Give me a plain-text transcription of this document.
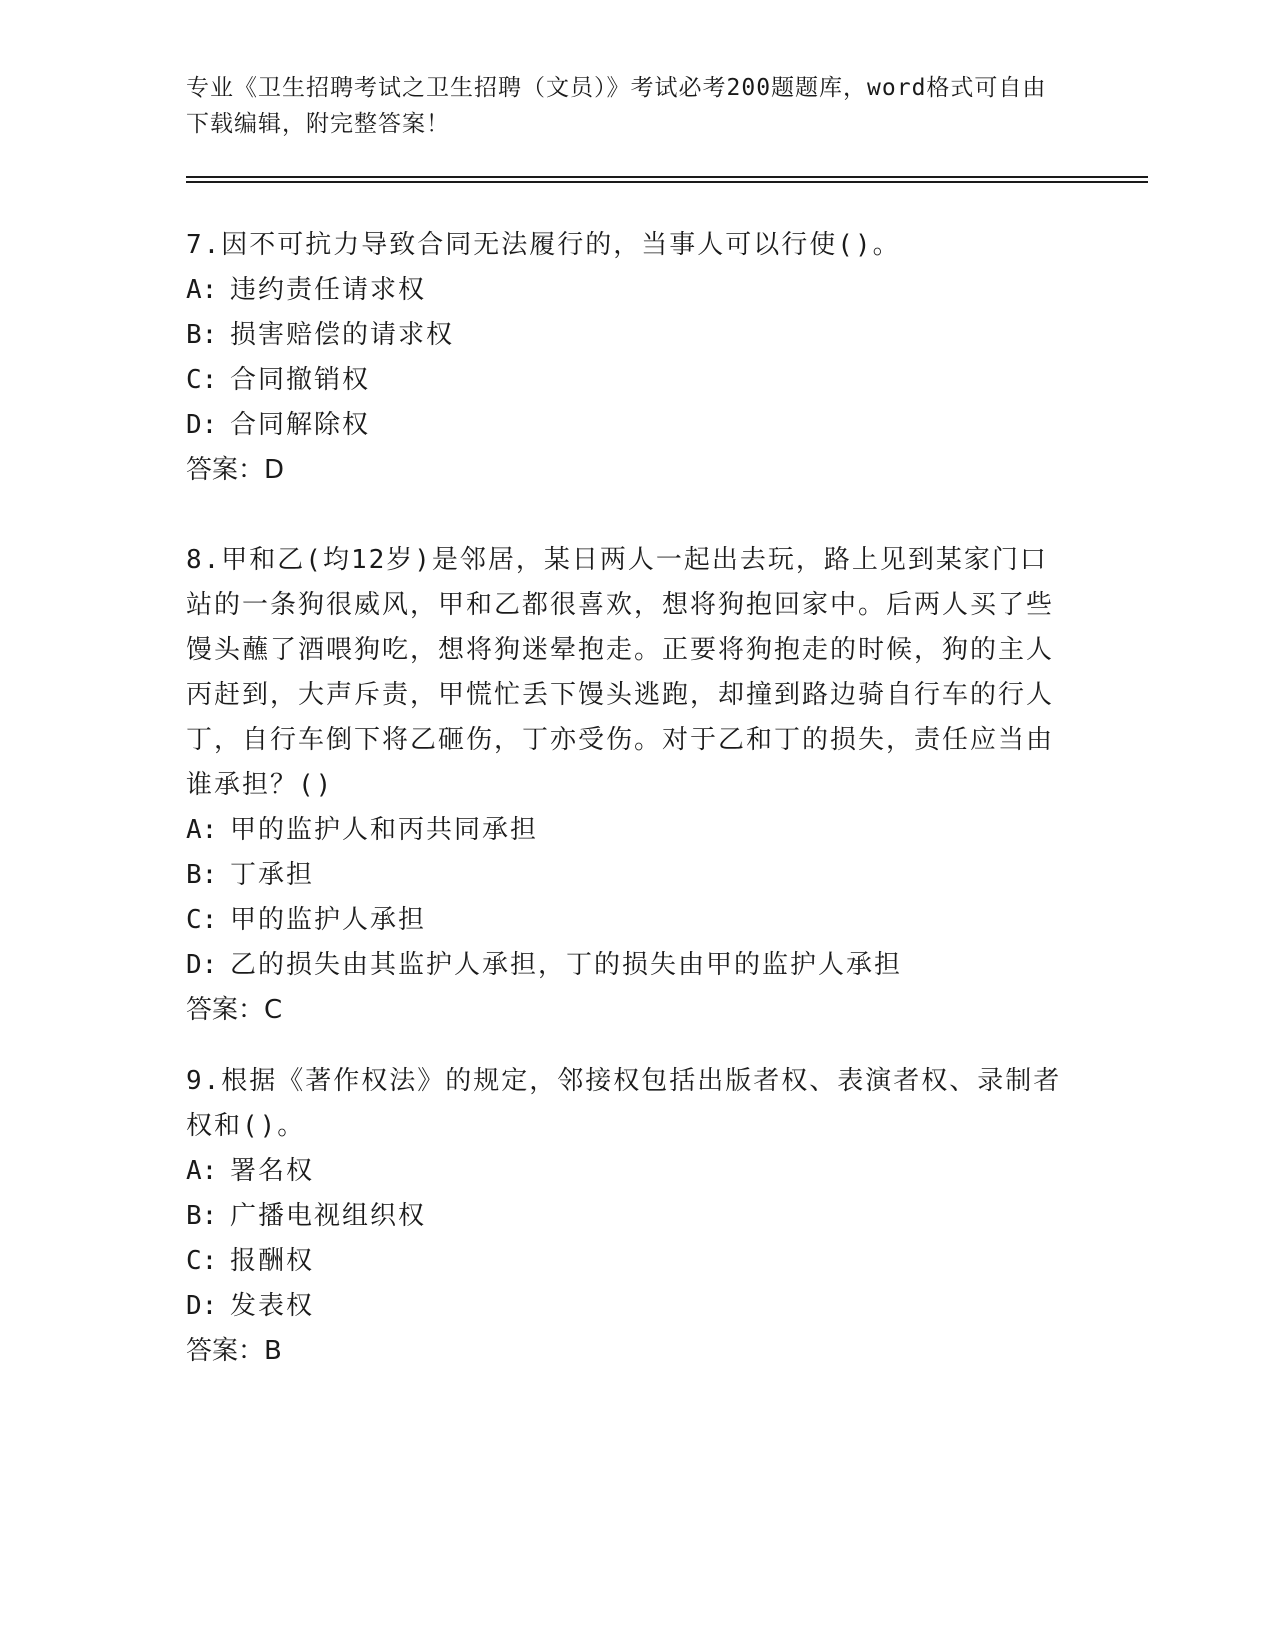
专业《卫生招聘考试之卫生招聘（文员）》考试必考200题题库，word格式可自由下载编辑，附完整答案！

7.因不可抗力导致合同无法履行的，当事人可以行使()。

A: 违约责任请求权

B: 损害赔偿的请求权

C: 合同撤销权

D: 合同解除权

答案：D

8.甲和乙(均12岁)是邻居，某日两人一起出去玩，路上见到某家门口站的一条狗很威风，甲和乙都很喜欢，想将狗抱回家中。后两人买了些馒头蘸了酒喂狗吃，想将狗迷晕抱走。正要将狗抱走的时候，狗的主人丙赶到，大声斥责，甲慌忙丢下馒头逃跑，却撞到路边骑自行车的行人丁，自行车倒下将乙砸伤，丁亦受伤。对于乙和丁的损失，责任应当由谁承担？()

A: 甲的监护人和丙共同承担

B: 丁承担

C: 甲的监护人承担

D: 乙的损失由其监护人承担，丁的损失由甲的监护人承担

答案：C

9.根据《著作权法》的规定，邻接权包括出版者权、表演者权、录制者权和()。

A: 署名权

B: 广播电视组织权

C: 报酬权

D: 发表权

答案：B
